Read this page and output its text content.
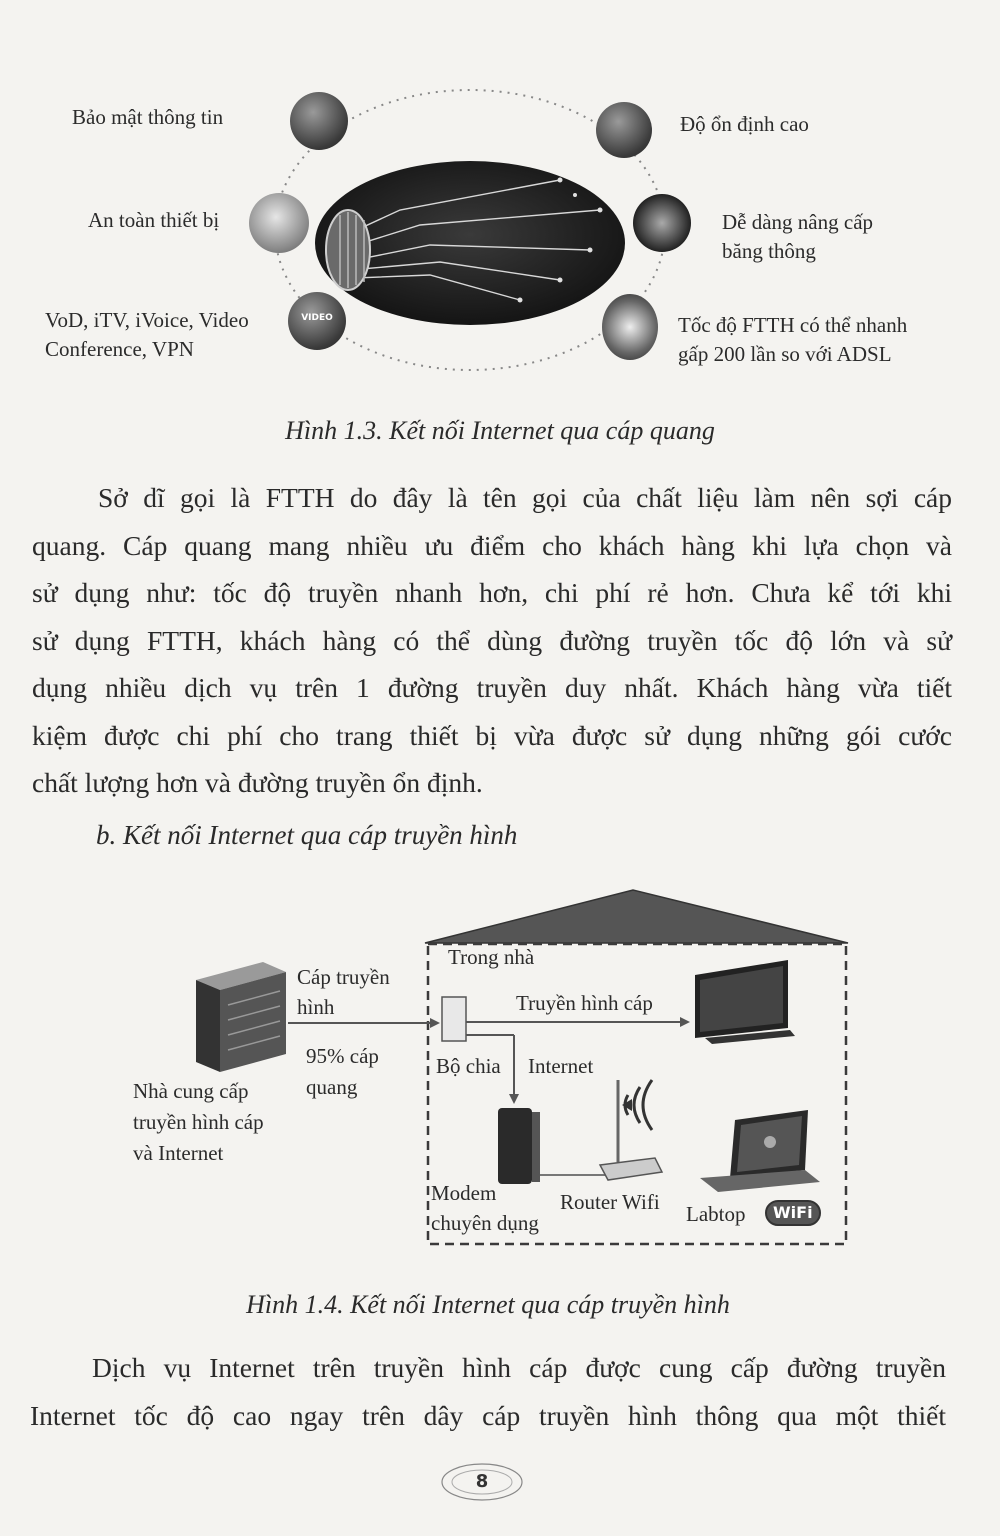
VIDEO
Bảo mật thông tin
An toàn thiết bị
VoD, iTV, iVoice, Video
Conference, VPN
Độ ổn định cao
Dễ dàng nâng cấp
băng thông
Tốc độ FTTH có thể nhanh
gấp 200 lần so với ADSL
Hình 1.3. Kết nối Internet qua cáp quang
Sở dĩ gọi là FTTH do đây là tên gọi của chất liệu làm nên sợi cáp
quang. Cáp quang mang nhiều ưu điểm cho khách hàng khi lựa chọn và
sử dụng như: tốc độ truyền nhanh hơn, chi phí rẻ hơn. Chưa kể tới khi
sử dụng FTTH, khách hàng có thể dùng đường truyền tốc độ lớn và sử
dụng nhiều dịch vụ trên 1 đường truyền duy nhất. Khách hàng vừa tiết
kiệm được chi phí cho trang thiết bị vừa được sử dụng những gói cước
chất lượng hơn và đường truyền ổn định.
b. Kết nối Internet qua cáp truyền hình
Trong nhà
Cáp truyền
hình	Truyền hình cáp
95% cáp
quang
Bộ chia Internet
Nhà cung cấp
truyền hình cáp
và Internet
Modem
chuyên dụng
Router Wifi Labtop	WiFi
Hình 1.4. Kết nối Internet qua cáp truyền hình
Dịch vụ Internet trên truyền hình cáp được cung cấp đường truyền
Internet tốc độ cao ngay trên dây cáp truyền hình thông qua một thiết
8
